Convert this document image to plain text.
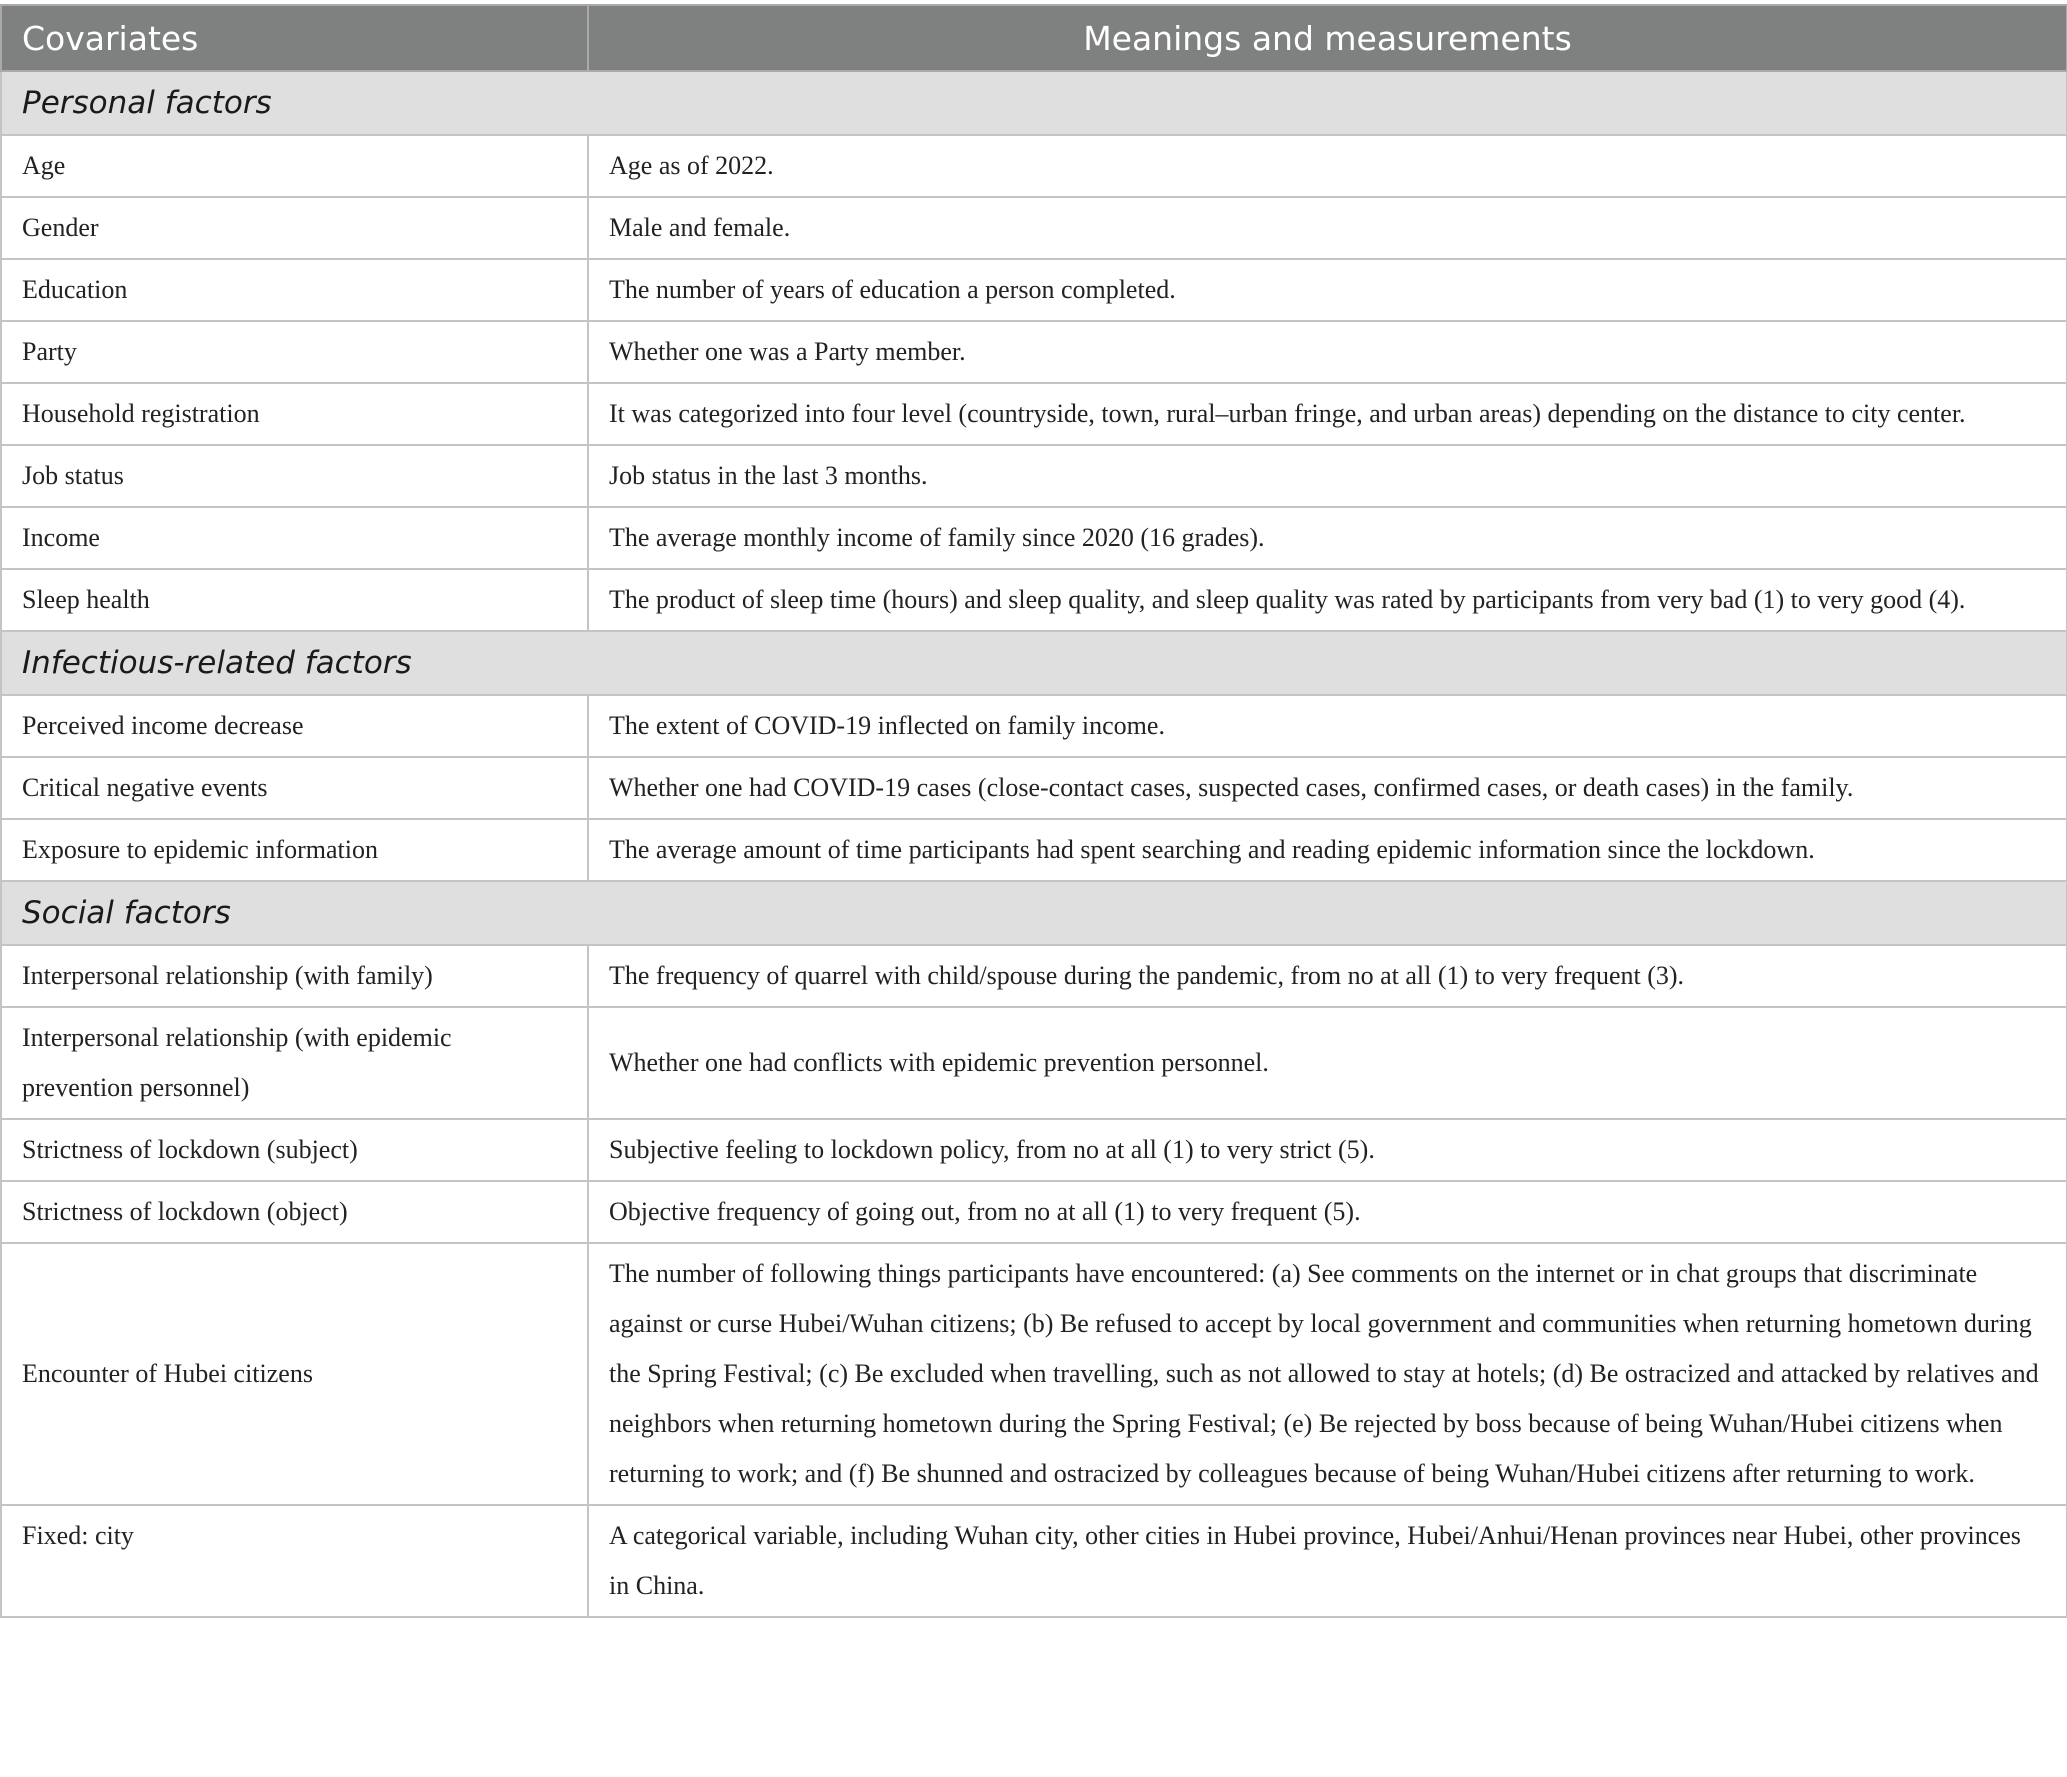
Covariates	Meanings and measurements
Personal factors	
Age	Age as of 2022.
Gender	Male and female.
Education	The number of years of education a person completed.
Party	Whether one was a Party member.
Household registration	It was categorized into four level (countryside, town, rural–urban fringe, and urban areas) depending on the distance to city center.
Job status	Job status in the last 3 months.
Income	The average monthly income of family since 2020 (16 grades).
Sleep health	The product of sleep time (hours) and sleep quality, and sleep quality was rated by participants from very bad (1) to very good (4).
Infectious-related factors	
Perceived income decrease	The extent of COVID-19 inflected on family income.
Critical negative events	Whether one had COVID-19 cases (close-contact cases, suspected cases, confirmed cases, or death cases) in the family.
Exposure to epidemic information	The average amount of time participants had spent searching and reading epidemic information since the lockdown.
Social factors	
Interpersonal relationship (with family)	The frequency of quarrel with child/spouse during the pandemic, from no at all (1) to very frequent (3).
Interpersonal relationship (with epidemic prevention personnel)	Whether one had conflicts with epidemic prevention personnel.
Strictness of lockdown (subject)	Subjective feeling to lockdown policy, from no at all (1) to very strict (5).
Strictness of lockdown (object)	Objective frequency of going out, from no at all (1) to very frequent (5).
Encounter of Hubei citizens	The number of following things participants have encountered: (a) See comments on the internet or in chat groups that discriminate against or curse Hubei/Wuhan citizens; (b) Be refused to accept by local government and communities when returning hometown during the Spring Festival; (c) Be excluded when travelling, such as not allowed to stay at hotels; (d) Be ostracized and attacked by relatives and neighbors when returning hometown during the Spring Festival; (e) Be rejected by boss because of being Wuhan/Hubei citizens when returning to work; and (f) Be shunned and ostracized by colleagues because of being Wuhan/Hubei citizens after returning to work.
Fixed: city	A categorical variable, including Wuhan city, other cities in Hubei province, Hubei/Anhui/Henan provinces near Hubei, other provinces in China.
